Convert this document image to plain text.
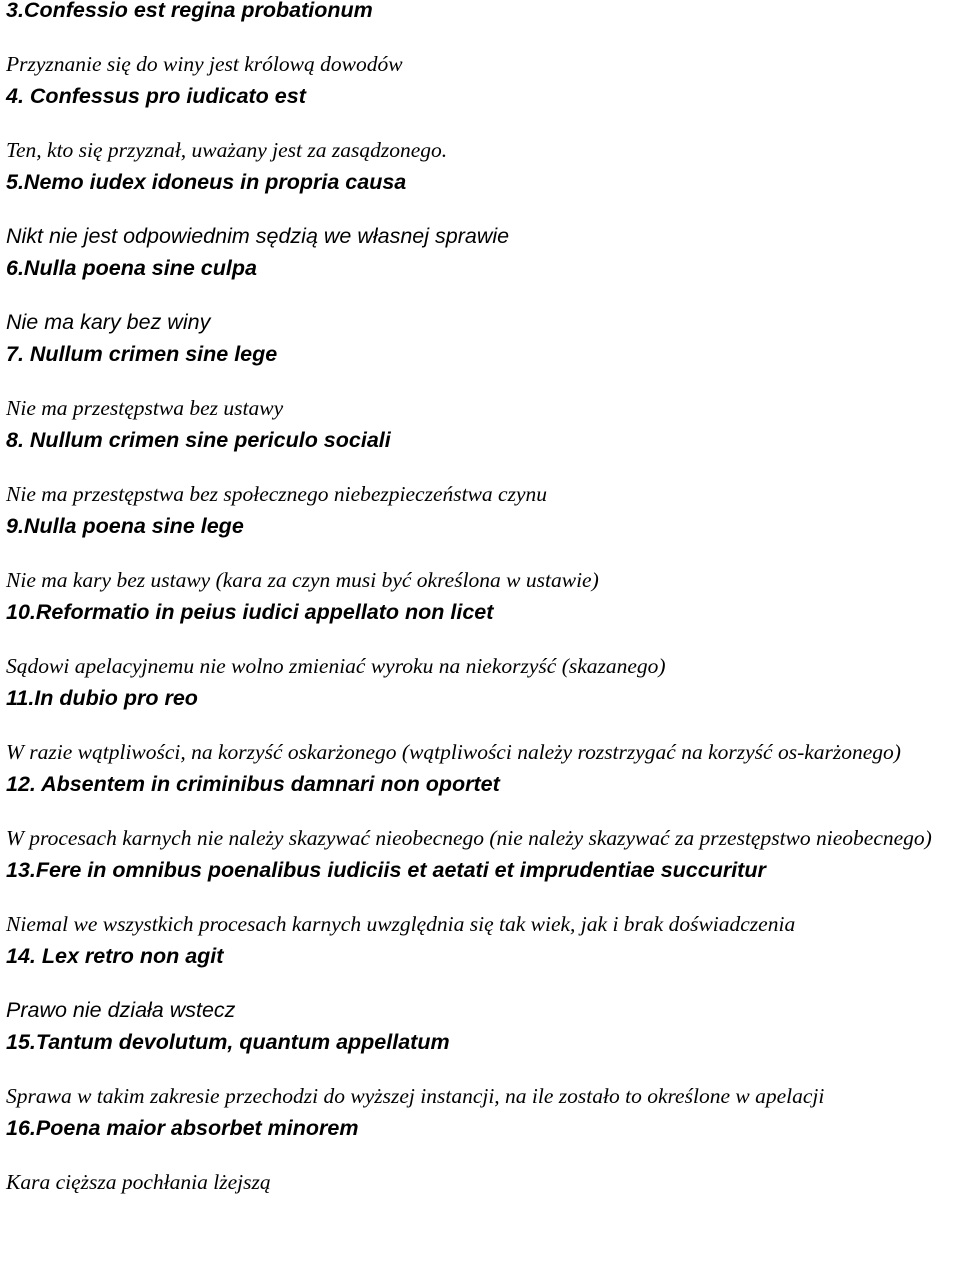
3.Confessio est regina probationum
Przyznanie się do winy jest królową dowodów
4. Confessus pro iudicato est
Ten, kto się przyznał, uważany jest za zasądzonego.
5.Nemo iudex idoneus in propria causa
Nikt nie jest odpowiednim sędzią we własnej sprawie
6.Nulla poena sine culpa
Nie ma kary bez winy
7. Nullum crimen sine lege
Nie ma przestępstwa bez ustawy
8. Nullum crimen sine periculo sociali
Nie ma przestępstwa bez społecznego niebezpieczeństwa czynu
9.Nulla poena sine lege
Nie ma kary bez ustawy (kara za czyn musi być określona w ustawie)
10.Reformatio in peius iudici appellato non licet
Sądowi apelacyjnemu nie wolno zmieniać wyroku na niekorzyść (skazanego)
11.In dubio pro reo
W razie wątpliwości, na korzyść oskarżonego (wątpliwości należy rozstrzygać na korzyść os-karżonego)
12. Absentem in criminibus damnari non oportet
W procesach karnych nie należy skazywać nieobecnego (nie należy skazywać za przestępstwo nieobecnego)
13.Fere in omnibus poenalibus iudiciis et aetati et imprudentiae succuritur
Niemal we wszystkich procesach karnych uwzględnia się tak wiek, jak i brak doświadczenia
14. Lex retro non agit
Prawo nie działa wstecz
15.Tantum devolutum, quantum appellatum
Sprawa w takim zakresie przechodzi do wyższej instancji, na ile zostało to określone w apelacji
16.Poena maior absorbet minorem
Kara cięższa pochłania lżejszą
